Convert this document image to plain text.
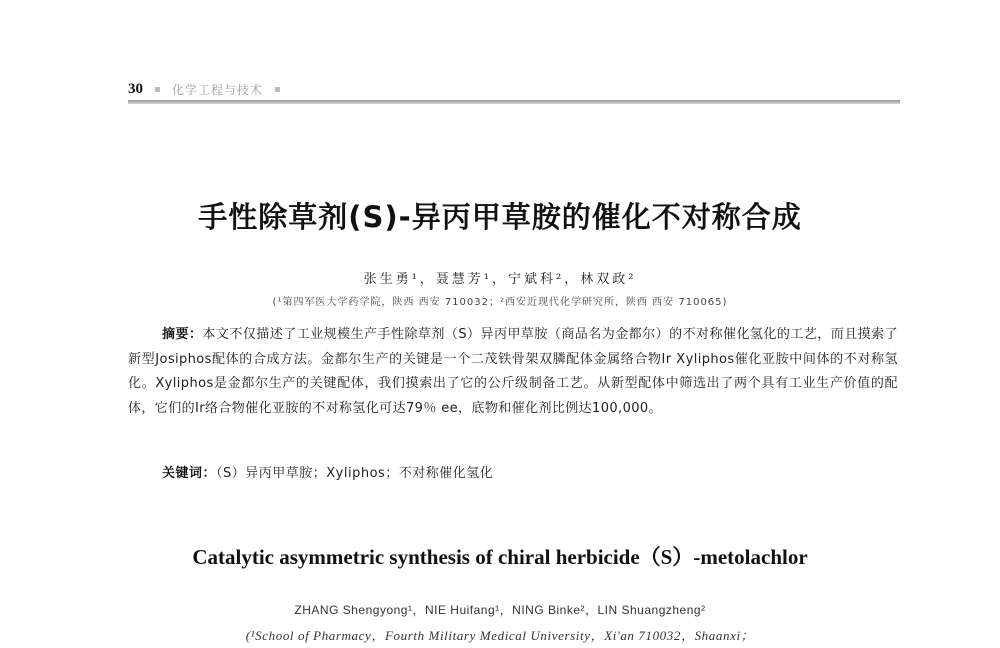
30 化学工程与技术
手性除草剂(S)-异丙甲草胺的催化不对称合成
张生勇¹，聂慧芳¹，宁斌科²，林双政²
(¹第四军医大学药学院，陕西 西安 710032；²西安近现代化学研究所，陕西 西安 710065)

摘要：本文不仅描述了工业规模生产手性除草剂（S）异丙甲草胺（商品名为金都尔）的不对称催化氢化的工艺，而且摸索了新型Josiphos配体的合成方法。金都尔生产的关键是一个二茂铁骨架双膦配体金属络合物Ir Xyliphos催化亚胺中间体的不对称氢化。Xyliphos是金都尔生产的关键配体，我们摸索出了它的公斤级制备工艺。从新型配体中筛选出了两个具有工业生产价值的配体，它们的Ir络合物催化亚胺的不对称氢化可达79％ ee，底物和催化剂比例达100,000。

关键词：（S）异丙甲草胺；Xyliphos；不对称催化氢化
Catalytic asymmetric synthesis of chiral herbicide（S）-metolachlor
ZHANG Shengyong¹，NIE Huifang¹，NING Binke²，LIN Shuangzheng²
(¹School of Pharmacy，Fourth Military Medical University，Xi'an 710032，Shaanxi；
